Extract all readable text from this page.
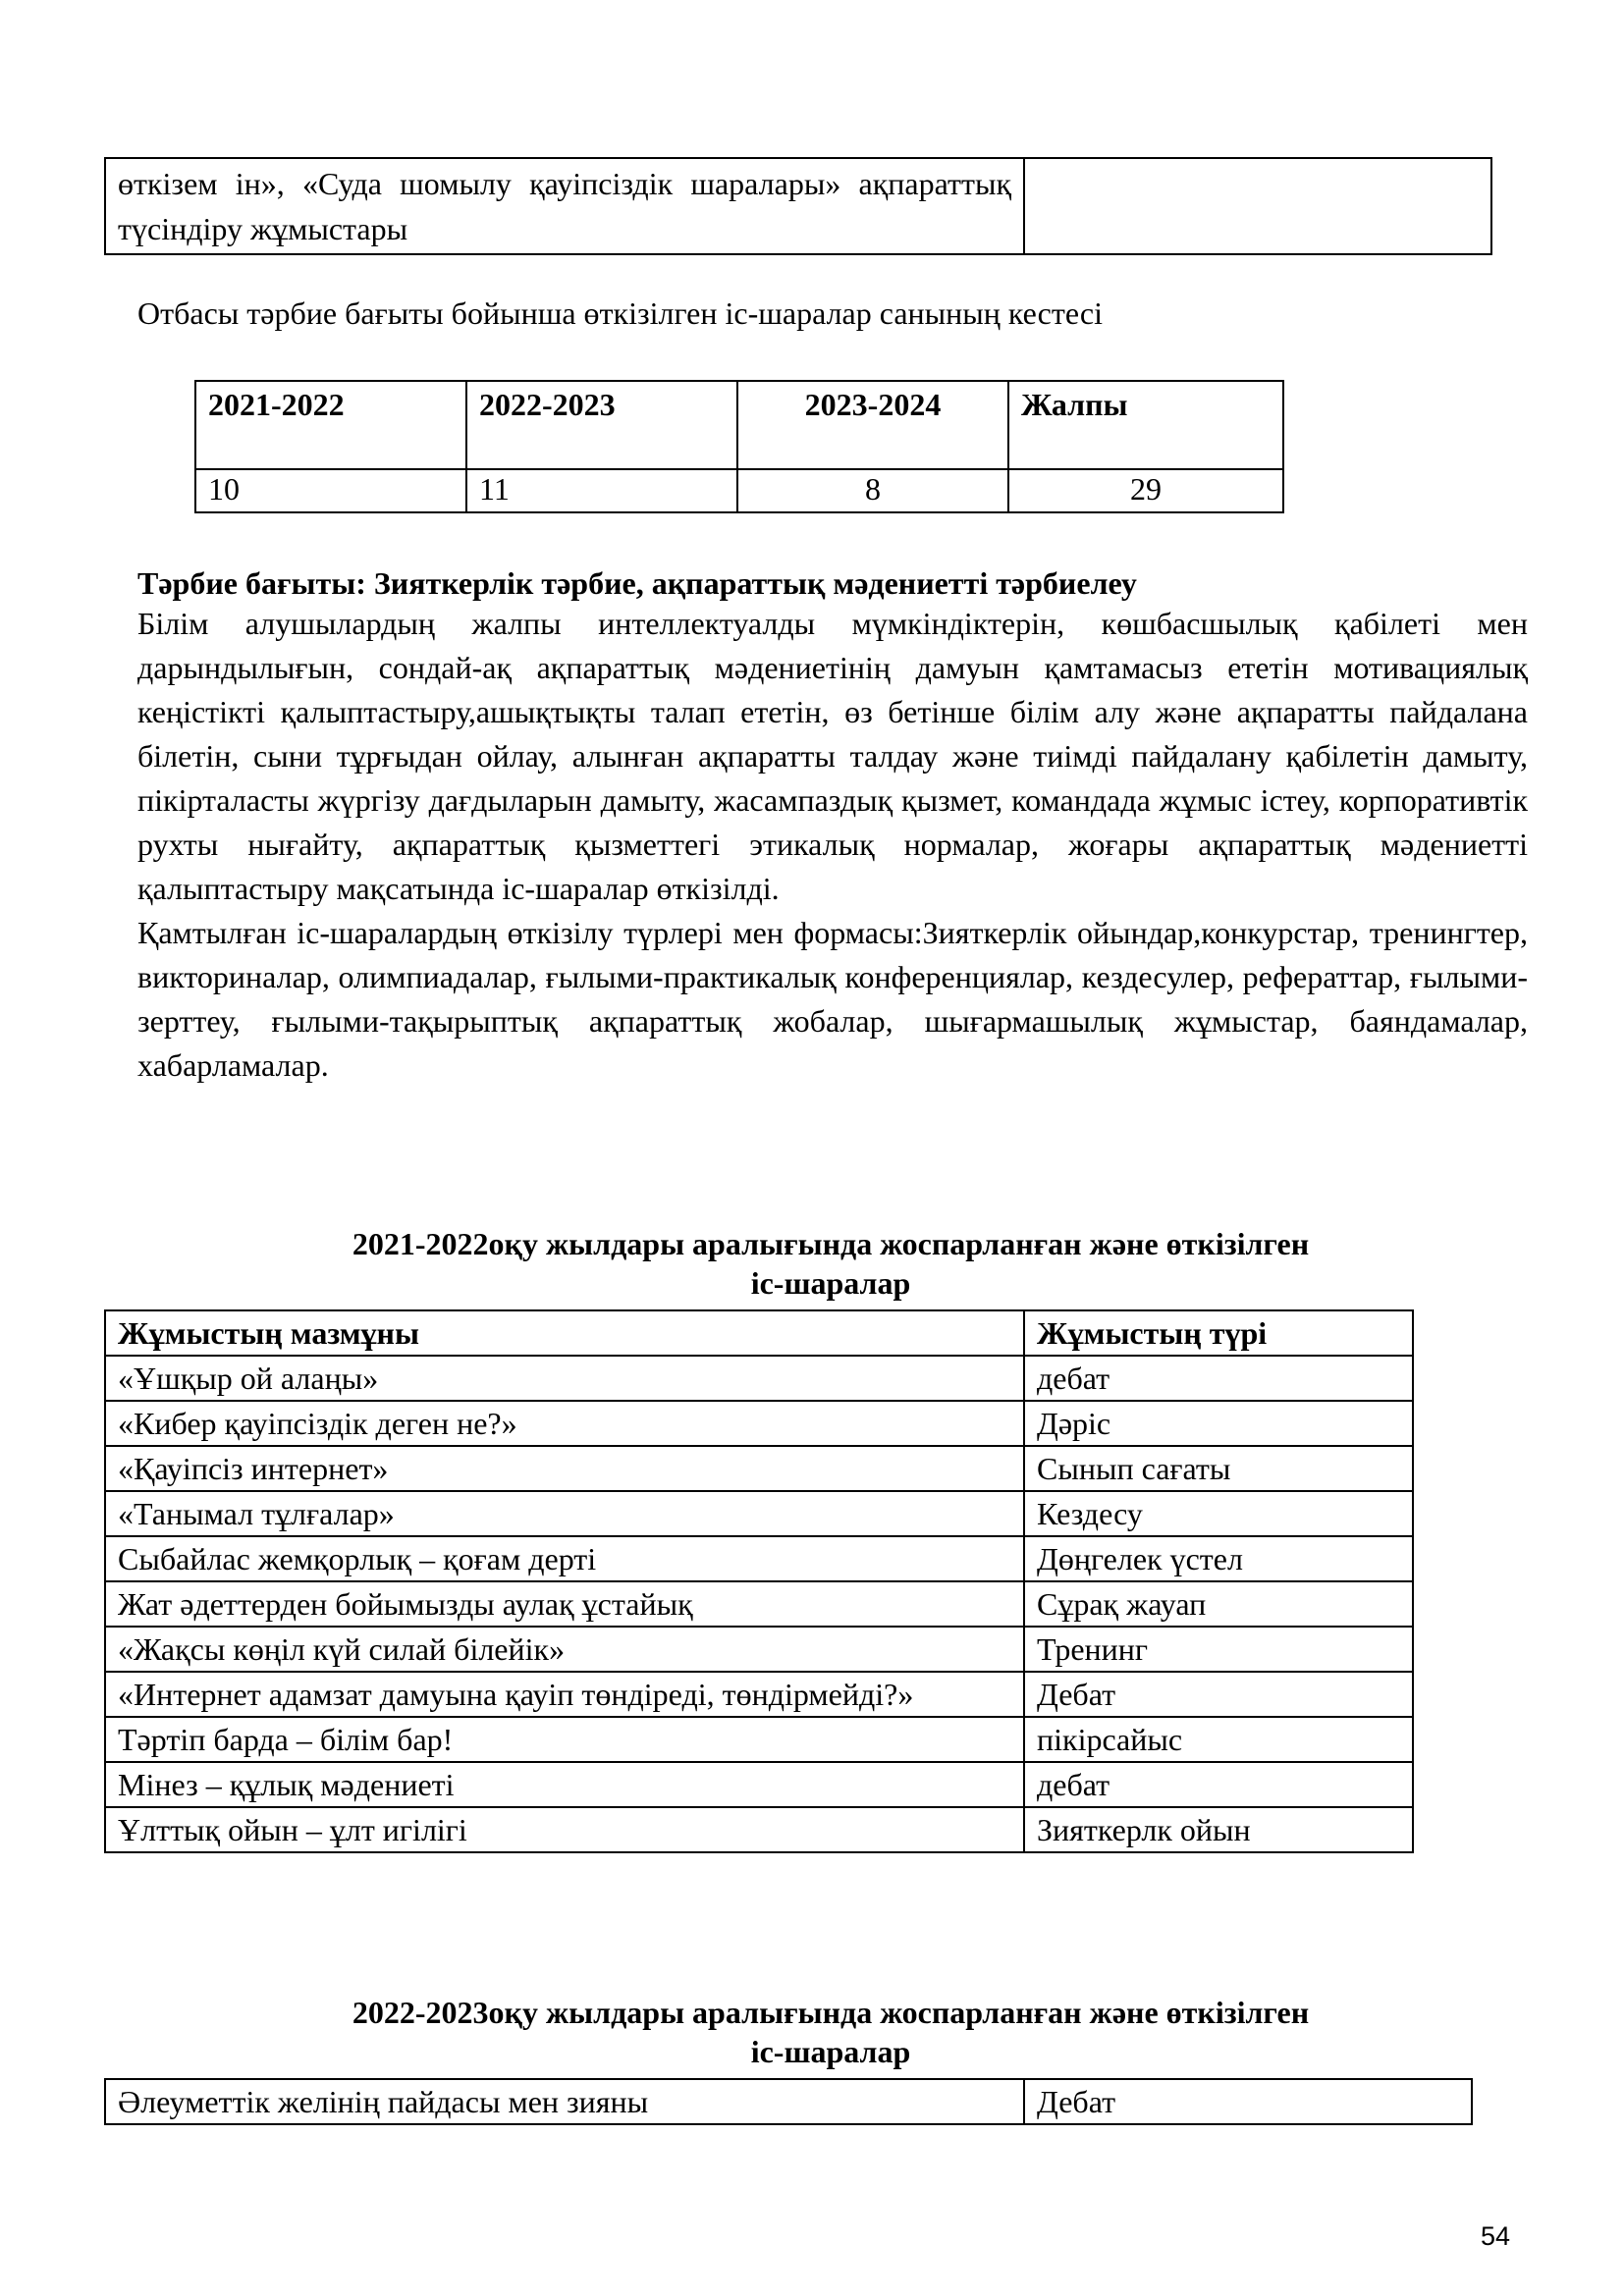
өткізем ін», «Суда шомылу қауіпсіздік шаралары» ақпараттық түсіндіру жұмыстары	
Отбасы тәрбие бағыты бойынша өткізілген іс-шаралар санының кестесі
2021-2022	2022-2023	2023-2024	Жалпы
10	11	8	29
Тәрбие бағыты: Зияткерлік тәрбие, ақпараттық мәдениетті тәрбиелеу

Білім алушылардың жалпы интеллектуалды мүмкіндіктерін, көшбасшылық қабілеті мен дарындылығын, сондай-ақ ақпараттық мәдениетінің дамуын қамтамасыз ететін мотивациялық кеңістікті қалыптастыру,ашықтықты талап ететін, өз бетінше білім алу және ақпаратты пайдалана білетін, сыни тұрғыдан ойлау, алынған ақпаратты талдау және тиімді пайдалану қабілетін дамыту, пікірталасты жүргізу дағдыларын дамыту, жасампаздық қызмет, командада жұмыс істеу, корпоративтік рухты нығайту, ақпараттық қызметтегі этикалық нормалар, жоғары ақпараттық мәдениетті қалыптастыру мақсатында іс-шаралар өткізілді.

Қамтылған іс-шаралардың өткізілу түрлері мен формасы:Зияткерлік ойындар,конкурстар, тренингтер, викториналар, олимпиадалар, ғылыми-практикалық конференциялар, кездесулер, рефераттар, ғылыми-зерттеу, ғылыми-тақырыптық ақпараттық жобалар, шығармашылық жұмыстар, баяндамалар, хабарламалар.

2021-2022оқу жылдары аралығында жоспарланған және өткізілген
іс-шаралар
Жұмыстың мазмұны	Жұмыстың түрі
«Ұшқыр ой алаңы»	дебат
«Кибер қауіпсіздік деген не?»	Дәріс
«Қауіпсіз интернет»	Сынып сағаты
«Танымал тұлғалар»	Кездесу
Сыбайлас жемқорлық – қоғам дерті	Дөңгелек үстел
Жат әдеттерден бойымызды аулақ ұстайық	Сұрақ жауап
«Жақсы көңіл күй силай білейік»	Тренинг
«Интернет адамзат дамуына қауіп төндіреді, төндірмейді?»	Дебат
Тәртіп барда – білім бар!	пікірсайыс
Мінез – құлық мәдениеті	дебат
Ұлттық ойын – ұлт игілігі	Зияткерлк ойын
2022-2023оқу жылдары аралығында жоспарланған және өткізілген
іс-шаралар
Әлеуметтік желінің пайдасы мен зияны	Дебат
54
